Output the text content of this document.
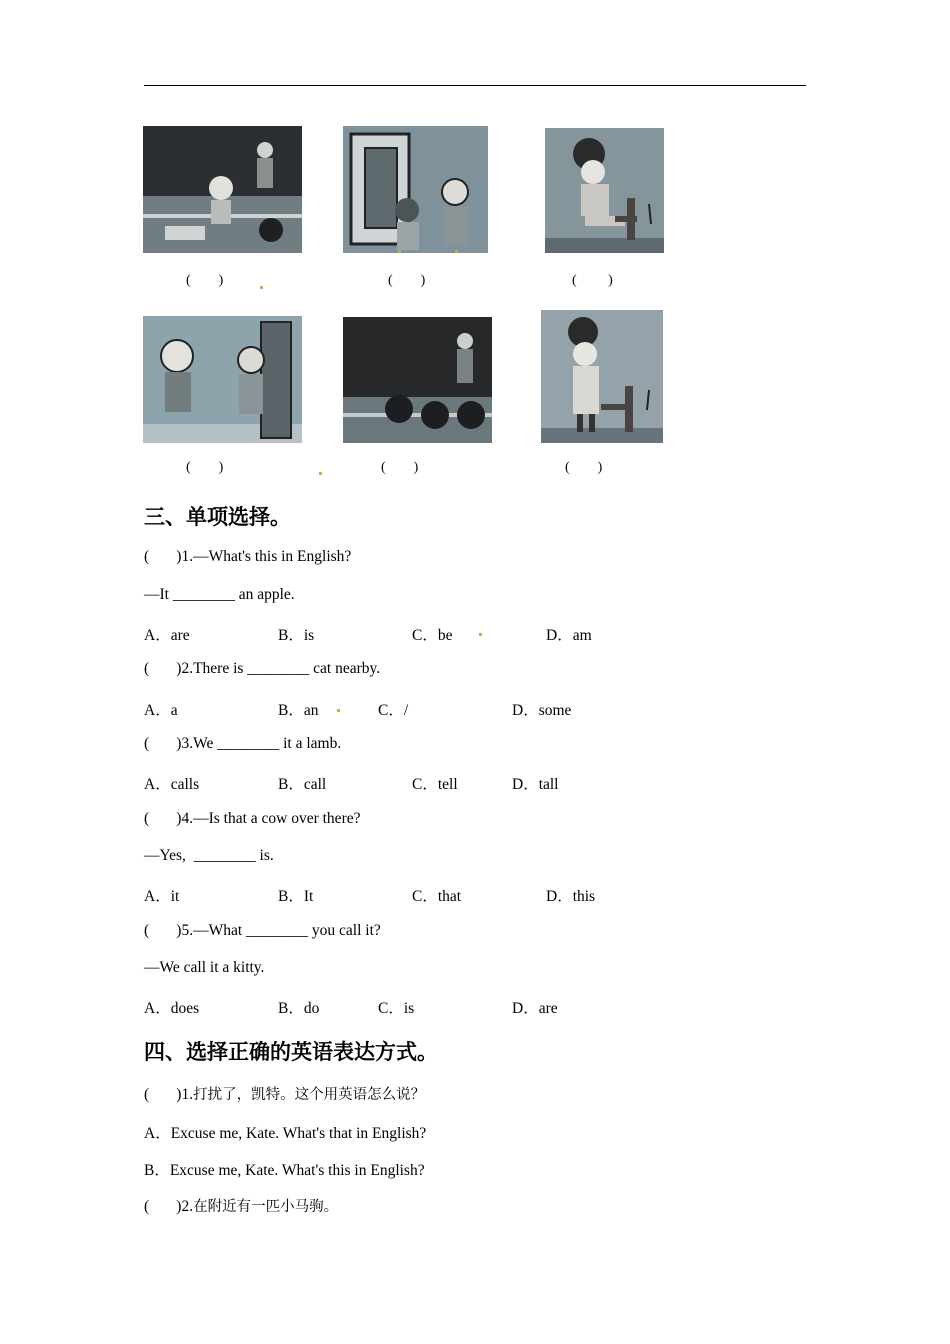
(        )	(        )	(         )
(        )	(        )	(        )
三、单项选择。
(       )1.—What's this in English?
—It ________ an apple.
A．are	B．is	C．be	D．am
(       )2.There is ________ cat nearby.
A．a	B．an	C．/	D．some
(       )3.We ________ it a lamb.
A．calls	B．call	C．tell	D．tall
(       )4.—Is that a cow over there?
—Yes,  ________ is.
A．it	B．It	C．that	D．this
(       )5.—What ________ you call it?
—We call it a kitty.
A．does	B．do	C．is	D．are
四、选择正确的英语表达方式。
(       )1.打扰了，凯特。这个用英语怎么说？
A．Excuse me, Kate. What's that in English?
B．Excuse me, Kate. What's this in English?
(       )2.在附近有一匹小马驹。
